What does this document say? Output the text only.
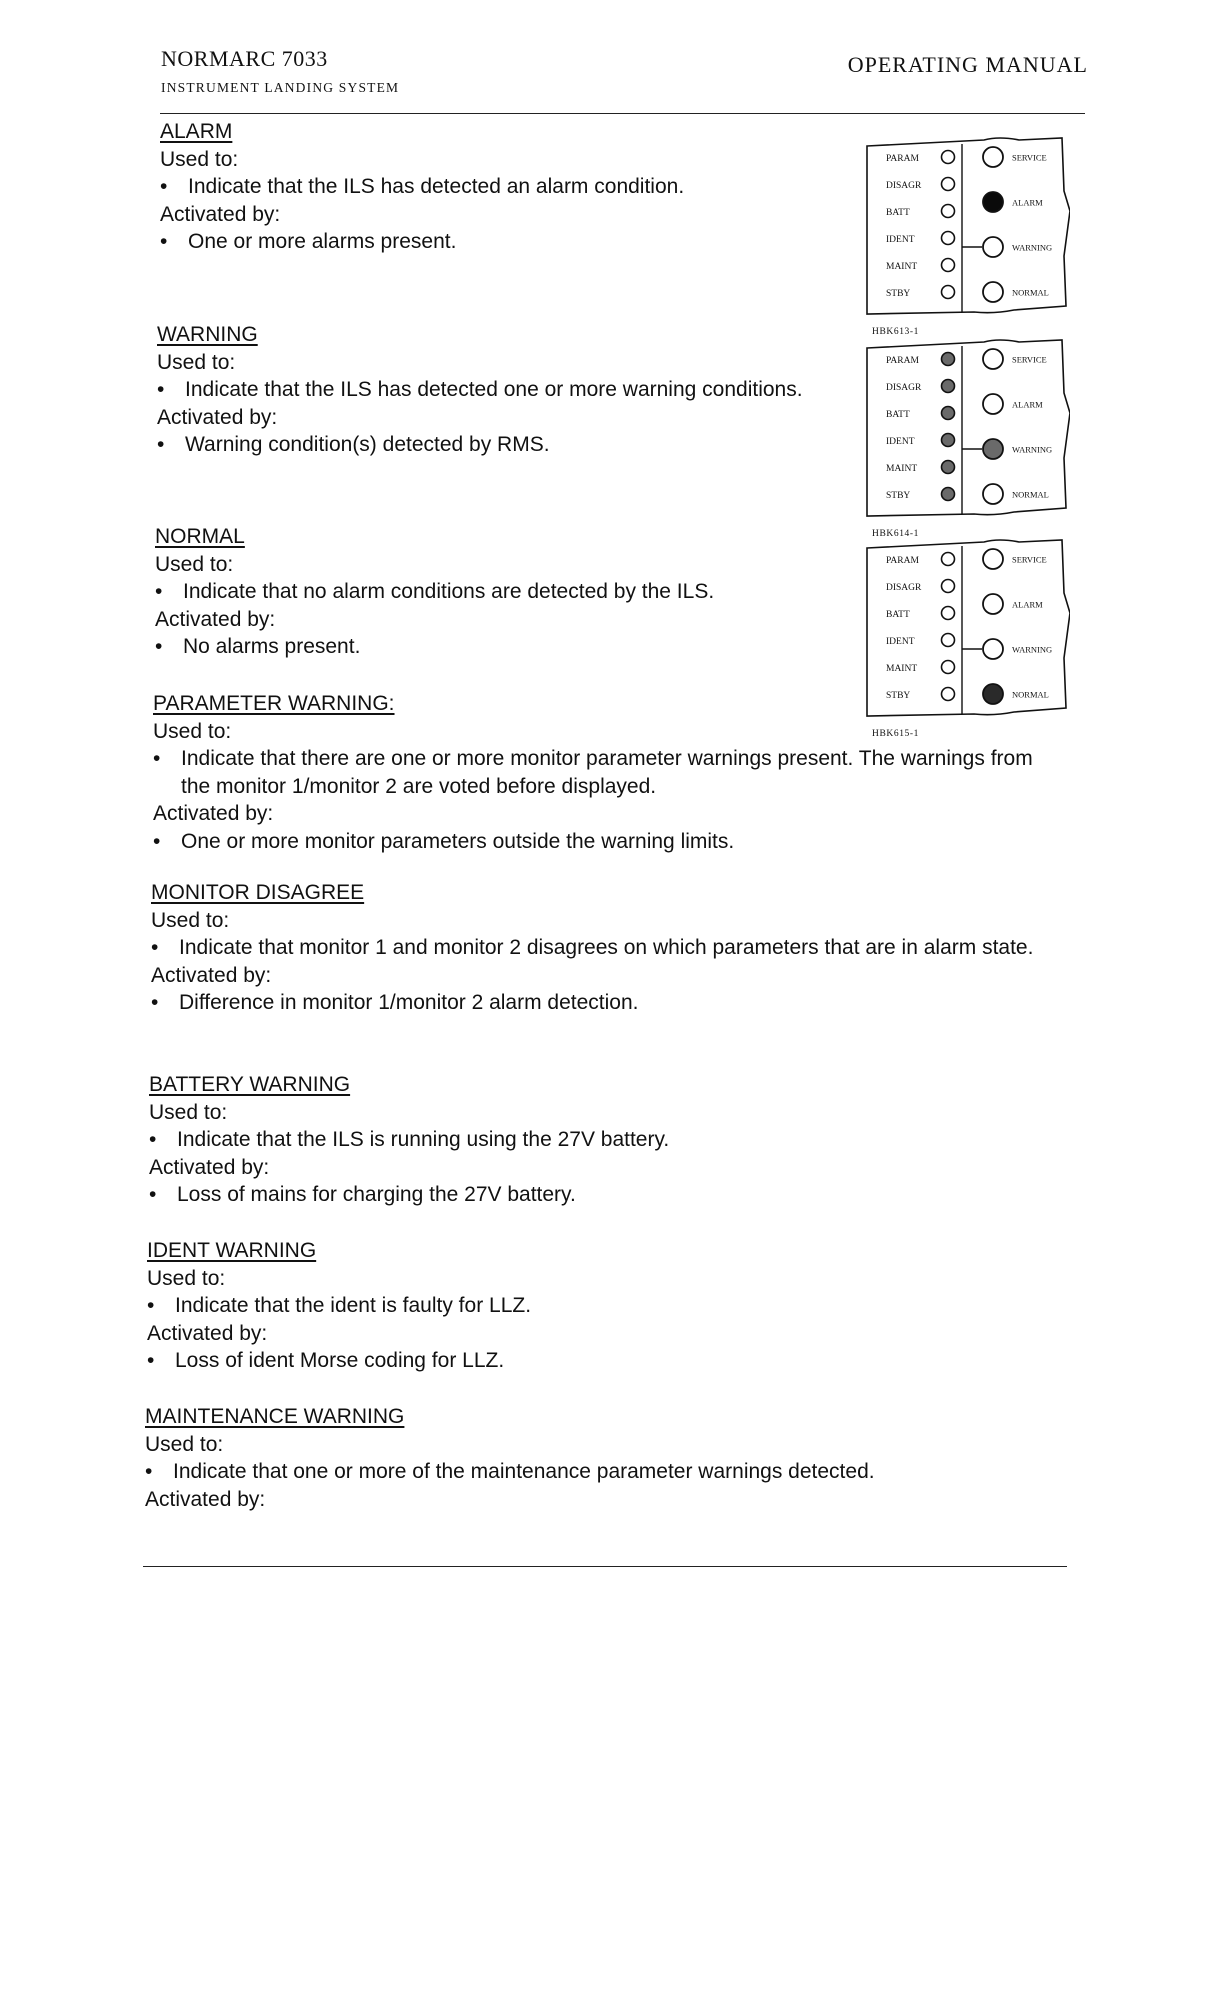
NORMARC 7033
INSTRUMENT LANDING SYSTEM
OPERATING MANUAL
ALARM
Used to:
• Indicate that the ILS has detected an alarm condition.
Activated by:
• One or more alarms present.
WARNING
Used to:
• Indicate that the ILS has detected one or more warning conditions.
Activated by:
• Warning condition(s) detected by RMS.
NORMAL
Used to:
• Indicate that no alarm conditions are detected by the ILS.
Activated by:
• No alarms present.
PARAMETER WARNING:
Used to:
• Indicate that there are one or more monitor parameter warnings present. The warnings from the monitor 1/monitor 2 are voted before displayed.
Activated by:
• One or more monitor parameters outside the warning limits.
MONITOR DISAGREE
Used to:
• Indicate that monitor 1 and monitor 2 disagrees on which parameters that are in alarm state.
Activated by:
• Difference in monitor 1/monitor 2 alarm detection.
BATTERY WARNING
Used to:
• Indicate that the ILS is running using the 27V battery.
Activated by:
• Loss of mains for charging the 27V battery.
IDENT WARNING
Used to:
• Indicate that the ident is faulty for LLZ.
Activated by:
• Loss of ident Morse coding for LLZ.
MAINTENANCE WARNING
Used to:
• Indicate that one or more of the maintenance parameter warnings detected.
Activated by:
PARAM
DISAGR
BATT
IDENT
MAINT
STBY
SERVICE
ALARM
WARNING
NORMAL
HBK613-1
PARAM
DISAGR
BATT
IDENT
MAINT
STBY
SERVICE
ALARM
WARNING
NORMAL
HBK614-1
PARAM
DISAGR
BATT
IDENT
MAINT
STBY
SERVICE
ALARM
WARNING
NORMAL
HBK615-1
